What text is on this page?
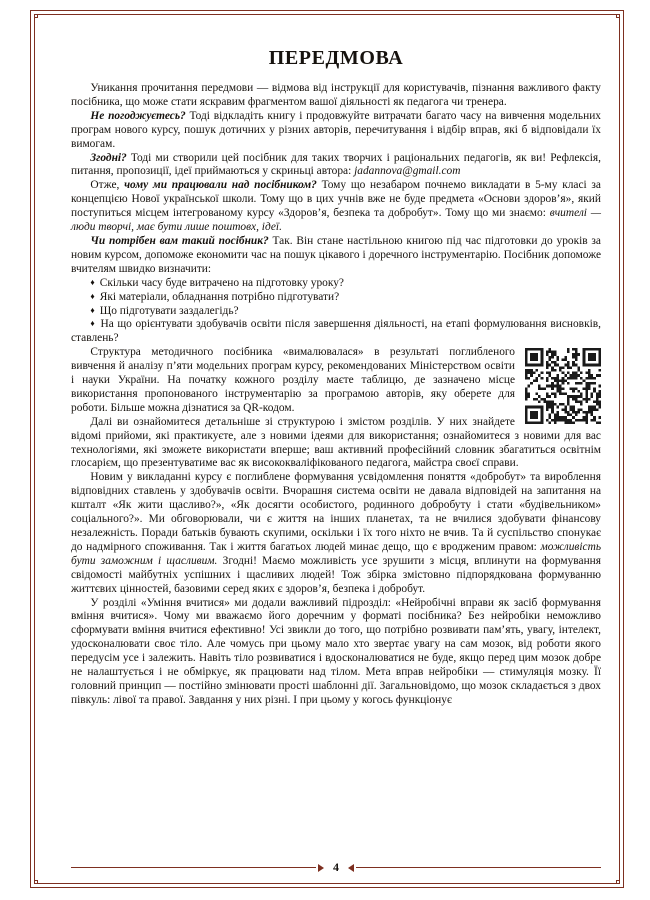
ПЕРЕДМОВА

Уникання прочитання передмови — відмова від інструкції для користувачів, пізнання важливого факту посібника, що може стати яскравим фрагментом вашої діяльності як педагога чи тренера.

Не погоджуєтесь? Тоді відкладіть книгу і продовжуйте витрачати багато часу на вивчення модельних програм нового курсу, пошук дотичних у різних авторів, перечитування і відбір вправ, які б відповідали їх вимогам.

Згодні? Тоді ми створили цей посібник для таких творчих і раціональних педагогів, як ви! Рефлексія, питання, пропозиції, ідеї приймаються у скриньці автора: jadannova@gmail.com

Отже, чому ми працювали над посібником? Тому що незабаром почнемо викладати в 5-му класі за концепцією Нової української школи. Тому що в цих учнів вже не буде предмета «Основи здоров’я», який поступиться місцем інтегрованому курсу «Здоров’я, безпека та добробут». Тому що ми знаємо: вчителі — люди творчі, має бути лише поштовх, ідеї.

Чи потрібен вам такий посібник? Так. Він стане настільною книгою під час підготовки до уроків за новим курсом, допоможе економити час на пошук цікавого і доречного інструментарію. Посібник допоможе вчителям швидко визначити:

♦ Скільки часу буде витрачено на підготовку уроку?

♦ Які матеріали, обладнання потрібно підготувати?

♦ Що підготувати заздалегідь?

♦ На що орієнтувати здобувачів освіти після завершення діяльності, на етапі формулювання висновків, ставлень?

Структура методичного посібника «вималювалася» в результаті поглибленого вивчення й аналізу п’яти модельних програм курсу, рекомендованих Міністерством освіти і науки України. На початку кожного розділу маєте таблицю, де зазначено місце використання пропонованого інструментарію за програмою авторів, яку оберете для роботи. Більше можна дізнатися за QR-кодом.

Далі ви ознайомитеся детальніше зі структурою і змістом розділів. У них знайдете відомі прийоми, які практикуєте, але з новими ідеями для використання; ознайомитеся з новими для вас технологіями, які зможете використати вперше; ваш активний професійний словник збагатиться освітнім глосарієм, що презентуватиме вас як висококваліфікованого педагога, майстра своєї справи.

Новим у викладанні курсу є поглиблене формування усвідомлення поняття «добробут» та вироблення відповідних ставлень у здобувачів освіти. Вчорашня система освіти не давала відповідей на запитання на кшталт «Як жити щасливо?», «Як досягти особистого, родинного добробуту і стати «будівельником» соціального?». Ми обговорювали, чи є життя на інших планетах, та не вчилися здобувати фінансову незалежність. Поради батьків бувають скупими, оскільки і їх того ніхто не вчив. Та й суспільство спонукає до надмірного споживання. Так і життя багатьох людей минає дещо, що є вродженим правом: можливість бути заможним і щасливим. Згодні! Маємо можливість усе зрушити з місця, вплинути на формування свідомості майбутніх успішних і щасливих людей! Тож збірка змістовно підпорядкована формуванню життєвих цінностей, базовими серед яких є здоров’я, безпека і добробут.

У розділі «Уміння вчитися» ми додали важливий підрозділ: «Нейробічні вправи як засіб формування вміння вчитися». Чому ми вважаємо його доречним у форматі посібника? Без нейробіки неможливо сформувати вміння вчитися ефективно! Усі звикли до того, що потрібно розвивати пам’ять, увагу, інтелект, удосконалювати своє тіло. Але чомусь при цьому мало хто звертає увагу на сам мозок, від роботи якого передусім усе і залежить. Навіть тіло розвиватися і вдосконалюватися не буде, якщо перед цим мозок добре не налаштується і не обміркує, як працювати над тілом. Мета вправ нейробіки — стимуляція мозку. Її головний принцип — постійно змінювати прості шаблонні дії. Загальновідомо, що мозок складається з двох півкуль: лівої та правої. Завдання у них різні. І при цьому у когось функціонує

4
